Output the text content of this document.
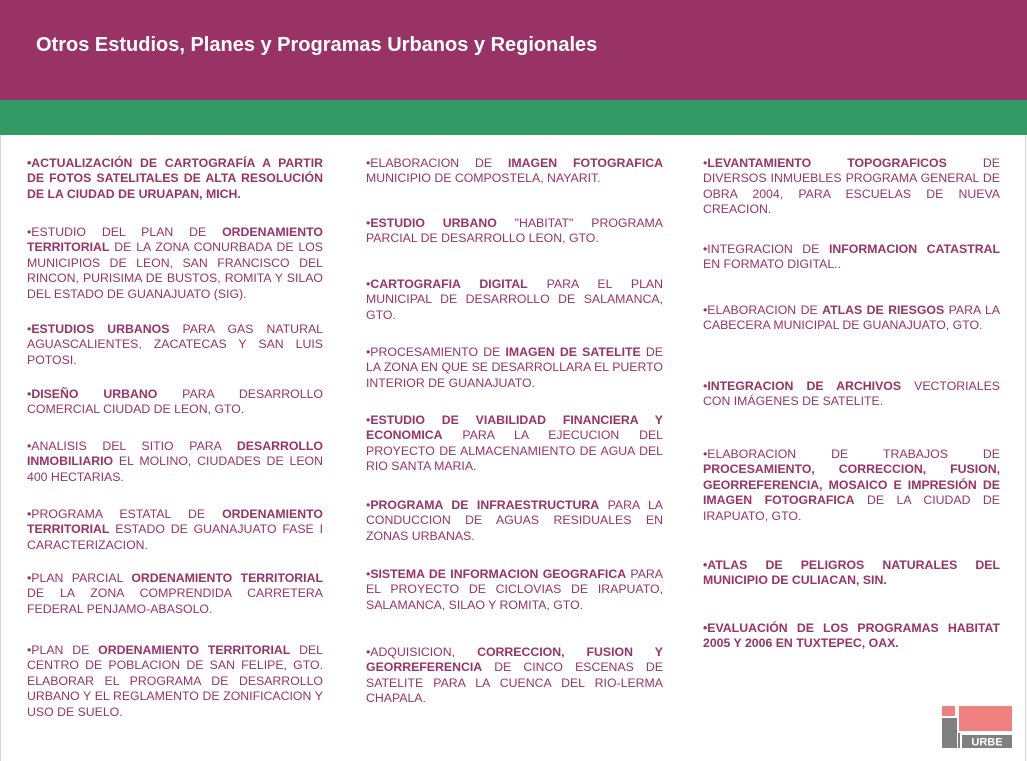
Otros Estudios, Planes y Programas Urbanos y Regionales

•ACTUALIZACIÓN DE CARTOGRAFÍA A PARTIR DE FOTOS SATELITALES DE ALTA RESOLUCIÓN DE LA CIUDAD DE URUAPAN, MICH.

•ESTUDIO DEL PLAN DE ORDENAMIENTO TERRITORIAL DE LA ZONA CONURBADA DE LOS MUNICIPIOS DE LEON, SAN FRANCISCO DEL RINCON, PURISIMA DE BUSTOS, ROMITA Y SILAO DEL ESTADO DE GUANAJUATO (SIG).

•ESTUDIOS URBANOS PARA GAS NATURAL AGUASCALIENTES, ZACATECAS Y SAN LUIS POTOSI.

•DISEÑO URBANO PARA DESARROLLO COMERCIAL CIUDAD DE LEON, GTO.

•ANALISIS DEL SITIO PARA DESARROLLO INMOBILIARIO EL MOLINO, CIUDADES DE LEON 400 HECTARIAS.

•PROGRAMA ESTATAL DE ORDENAMIENTO TERRITORIAL ESTADO DE GUANAJUATO FASE I CARACTERIZACION.

•PLAN PARCIAL ORDENAMIENTO TERRITORIAL DE LA ZONA COMPRENDIDA CARRETERA FEDERAL PENJAMO-ABASOLO.

•PLAN DE ORDENAMIENTO TERRITORIAL DEL CENTRO DE POBLACION DE SAN FELIPE, GTO. ELABORAR EL PROGRAMA DE DESARROLLO URBANO Y EL REGLAMENTO DE ZONIFICACION Y USO DE SUELO.

•ELABORACION DE IMAGEN FOTOGRAFICA MUNICIPIO DE COMPOSTELA, NAYARIT.

•ESTUDIO URBANO "HABITAT" PROGRAMA PARCIAL DE DESARROLLO LEON, GTO.

•CARTOGRAFIA DIGITAL PARA EL PLAN MUNICIPAL DE DESARROLLO DE SALAMANCA, GTO.

•PROCESAMIENTO DE IMAGEN DE SATELITE DE LA ZONA EN QUE SE DESARROLLARA EL PUERTO INTERIOR DE GUANAJUATO.

•ESTUDIO DE VIABILIDAD FINANCIERA Y ECONOMICA PARA LA EJECUCION DEL PROYECTO DE ALMACENAMIENTO DE AGUA DEL RIO SANTA MARIA.

•PROGRAMA DE INFRAESTRUCTURA PARA LA CONDUCCION DE AGUAS RESIDUALES EN ZONAS URBANAS.

•SISTEMA DE INFORMACION GEOGRAFICA PARA EL PROYECTO DE CICLOVIAS DE IRAPUATO, SALAMANCA, SILAO Y ROMITA, GTO.

•ADQUISICION, CORRECCION, FUSION Y GEORREFERENCIA DE CINCO ESCENAS DE SATELITE PARA LA CUENCA DEL RIO-LERMA CHAPALA.

•LEVANTAMIENTO TOPOGRAFICOS DE DIVERSOS INMUEBLES PROGRAMA GENERAL DE OBRA 2004, PARA ESCUELAS DE NUEVA CREACION.

•INTEGRACION DE INFORMACION CATASTRAL EN FORMATO DIGITAL..

•ELABORACION DE ATLAS DE RIESGOS PARA LA CABECERA MUNICIPAL DE GUANAJUATO, GTO.

•INTEGRACION DE ARCHIVOS VECTORIALES CON IMÁGENES DE SATELITE.

•ELABORACION DE TRABAJOS DE PROCESAMIENTO, CORRECCION, FUSION, GEORREFERENCIA, MOSAICO E IMPRESIÓN DE IMAGEN FOTOGRAFICA DE LA CIUDAD DE IRAPUATO, GTO.

•ATLAS DE PELIGROS NATURALES DEL MUNICIPIO DE CULIACAN, SIN.

•EVALUACIÓN DE LOS PROGRAMAS HABITAT 2005 Y 2006 EN TUXTEPEC, OAX.

URBE
